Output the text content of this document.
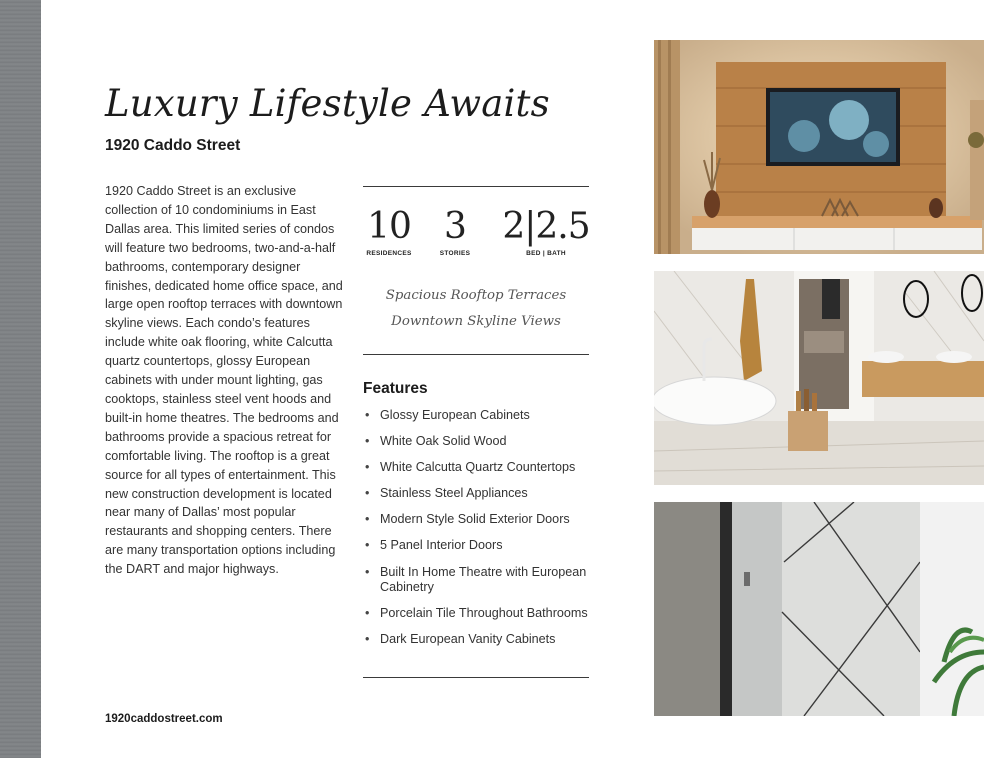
Luxury Lifestyle Awaits
1920 Caddo Street

1920 Caddo Street is an exclusive collection of 10 condominiums in East Dallas area. This limited series of condos will feature two bedrooms, two-and-a-half bathrooms, contemporary designer finishes, dedicated home office space, and large open rooftop terraces with downtown skyline views. Each condo’s features include white oak flooring, white Calcutta quartz countertops, glossy European cabinets with under mount lighting, gas cooktops, stainless steel vent hoods and built-in home theatres. The bedrooms and bathrooms provide a spacious retreat for comfortable living. The rooftop is a great source for all types of entertainment. This new construction development is located near many of Dallas’ most popular restaurants and shopping centers. There are many transportation options including the DART and major highways.

10
RESIDENCES
3
STORIES
2|2.5
BED | BATH
Spacious Rooftop Terraces
Downtown Skyline Views
Features
• Glossy European Cabinets
• White Oak Solid Wood
• White Calcutta Quartz Countertops
• Stainless Steel Appliances
• Modern Style Solid Exterior Doors
• 5 Panel Interior Doors
• Built In Home Theatre with European Cabinetry
• Porcelain Tile Throughout Bathrooms
• Dark European Vanity Cabinets

1920caddostreet.com
